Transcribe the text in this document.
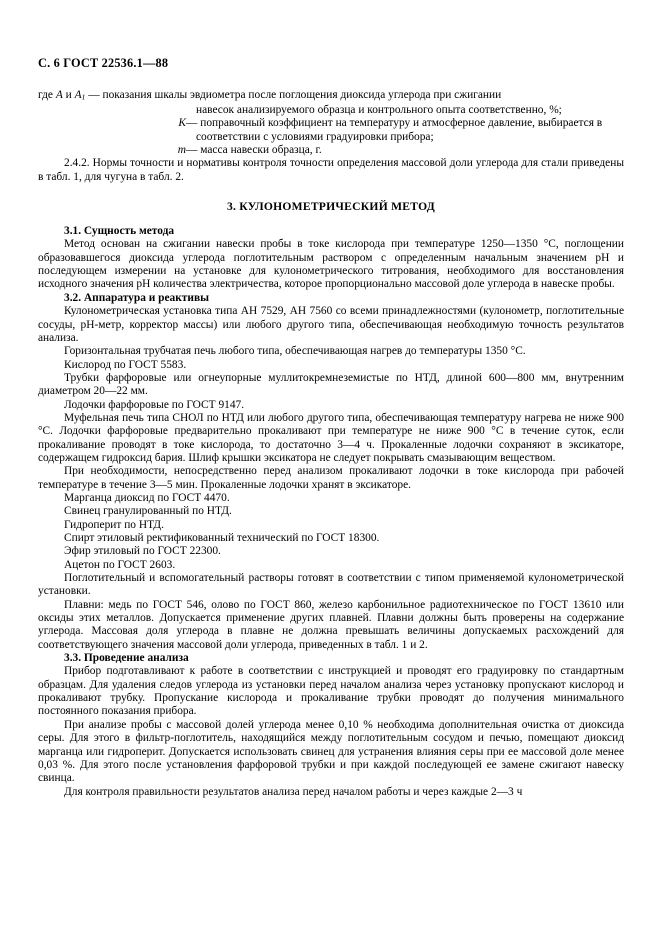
С. 6 ГОСТ 22536.1—88
где A и $A_1$ — показания шкалы эвдиометра после поглощения диоксида углерода при сжигании
навесок анализируемого образца и контрольного опыта соответственно, %;
K— поправочный коэффициент на температуру и атмосферное давление, выбирается в
соответствии с условиями градуировки прибора;
m— масса навески образца, г.

2.4.2. Нормы точности и нормативы контроля точности определения массовой доли углерода для стали приведены в табл. 1, для чугуна в табл. 2.

3. КУЛОНОМЕТРИЧЕСКИЙ МЕТОД
3.1. Сущность метода

Метод основан на сжигании навески пробы в токе кислорода при температуре 1250—1350 °С, поглощении образовавшегося диоксида углерода поглотительным раствором с определенным начальным значением рН и последующем измерении на установке для кулонометрического титрования, необходимого для восстановления исходного значения рН количества электричества, которое пропорционально массовой доле углерода в навеске пробы.

3.2. Аппаратура и реактивы

Кулонометрическая установка типа АН 7529, АН 7560 со всеми принадлежностями (кулонометр, поглотительные сосуды, рН-метр, корректор массы) или любого другого типа, обеспечивающая необходимую точность результатов анализа.

Горизонтальная трубчатая печь любого типа, обеспечивающая нагрев до температуры 1350 °С.

Кислород по ГОСТ 5583.

Трубки фарфоровые или огнеупорные муллитокремнеземистые по НТД, длиной 600—800 мм, внутренним диаметром 20—22 мм.

Лодочки фарфоровые по ГОСТ 9147.

Муфельная печь типа СНОЛ по НТД или любого другого типа, обеспечивающая температуру нагрева не ниже 900 °С. Лодочки фарфоровые предварительно прокаливают при температуре не ниже 900 °С в течение суток, если прокаливание проводят в токе кислорода, то достаточно 3—4 ч. Прокаленные лодочки сохраняют в эксикаторе, содержащем гидроксид бария. Шлиф крышки эксикатора не следует покрывать смазывающим веществом.

При необходимости, непосредственно перед анализом прокаливают лодочки в токе кислорода при рабочей температуре в течение 3—5 мин. Прокаленные лодочки хранят в эксикаторе.

Марганца диоксид по ГОСТ 4470.

Свинец гранулированный по НТД.

Гидроперит по НТД.

Спирт этиловый ректификованный технический по ГОСТ 18300.

Эфир этиловый по ГОСТ 22300.

Ацетон по ГОСТ 2603.

Поглотительный и вспомогательный растворы готовят в соответствии с типом применяемой кулонометрической установки.

Плавни: медь по ГОСТ 546, олово по ГОСТ 860, железо карбонильное радиотехническое по ГОСТ 13610 или оксиды этих металлов. Допускается применение других плавней. Плавни должны быть проверены на содержание углерода. Массовая доля углерода в плавне не должна превышать величины допускаемых расхождений для соответствующего значения массовой доли углерода, приведенных в табл. 1 и 2.

3.3. Проведение анализа

Прибор подготавливают к работе в соответствии с инструкцией и проводят его градуировку по стандартным образцам. Для удаления следов углерода из установки перед началом анализа через установку пропускают кислород и прокаливают трубку. Пропускание кислорода и прокаливание трубки проводят до получения минимального постоянного показания прибора.

При анализе пробы с массовой долей углерода менее 0,10 % необходима дополнительная очистка от диоксида серы. Для этого в фильтр-поглотитель, находящийся между поглотительным сосудом и печью, помещают диоксид марганца или гидроперит. Допускается использовать свинец для устранения влияния серы при ее массовой доле менее 0,03 %. Для этого после установления фарфоровой трубки и при каждой последующей ее замене сжигают навеску свинца.

Для контроля правильности результатов анализа перед началом работы и через каждые 2—3 ч
